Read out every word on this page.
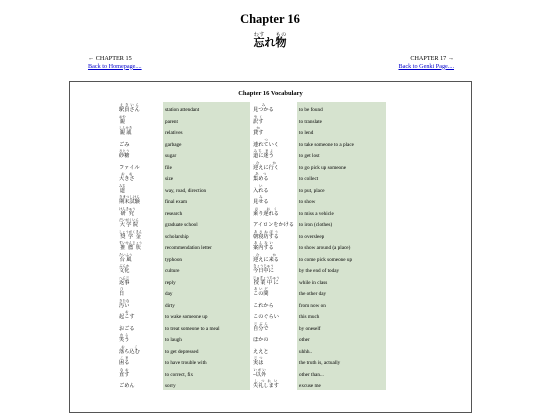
Chapter 16
忘わすれ物もの
← CHAPTER 15
Back to Homepage....
CHAPTER 17 →
Back to Genki Page....
Chapter 16 Vocabulary
駅員さんえきいん	station attendant	見つかるみ	to be found
親おや	parent	訳すやく	to translate
親戚しんせき	relatives	貸すか	to lend
ごみ	garbage	連れていくつ	to take someone to a place
砂糖さとう	sugar	道に迷うみち まよ	to get lost
ファイル	file	迎えに行くむか	to go pick up someone
大きさおお	size	集めるあつ	to collect
道みち	way, road, direction	入れるい	to put, place
期末試験きまつしけん	final exam	見せるみ	to show
研究けんきゅう	research	乗り遅れるの おく	to miss a vehicle
大学院だいがくいん	graduate school	アイロンをかける	to iron (clothes)
奨学金しょうがくきん	scholarship	朝寝坊するあさねぼう	to oversleep
推薦状すいせんじょう	recommendation letter	案内するあんない	to show around (a place)
台風たいふう	typhoon	迎えに来るむか	to come pick someone up
文化ぶんか	culture	今日中にきょうじゅう	by the end of today
返事へんじ	reply	授業中にじゅぎょうちゅう	while in class
日ひ	day	この間あいだ	the other day
汚いきたな	dirty	これから	from now on
起こすお	to wake someone up	このぐらい	this much
おごる	to treat someone to a meal	自分でじぶん	by oneself
笑うわら	to laugh	ほかの	other
落ち込むお こ	to get depressed	ええと	uhhh..
困るこま	to have trouble with	実はじつ	the truth is, actually
直すなお	to correct, fix	~以外いがい	other than...
ごめん	sorry	失礼しますしつれい	excuse me
